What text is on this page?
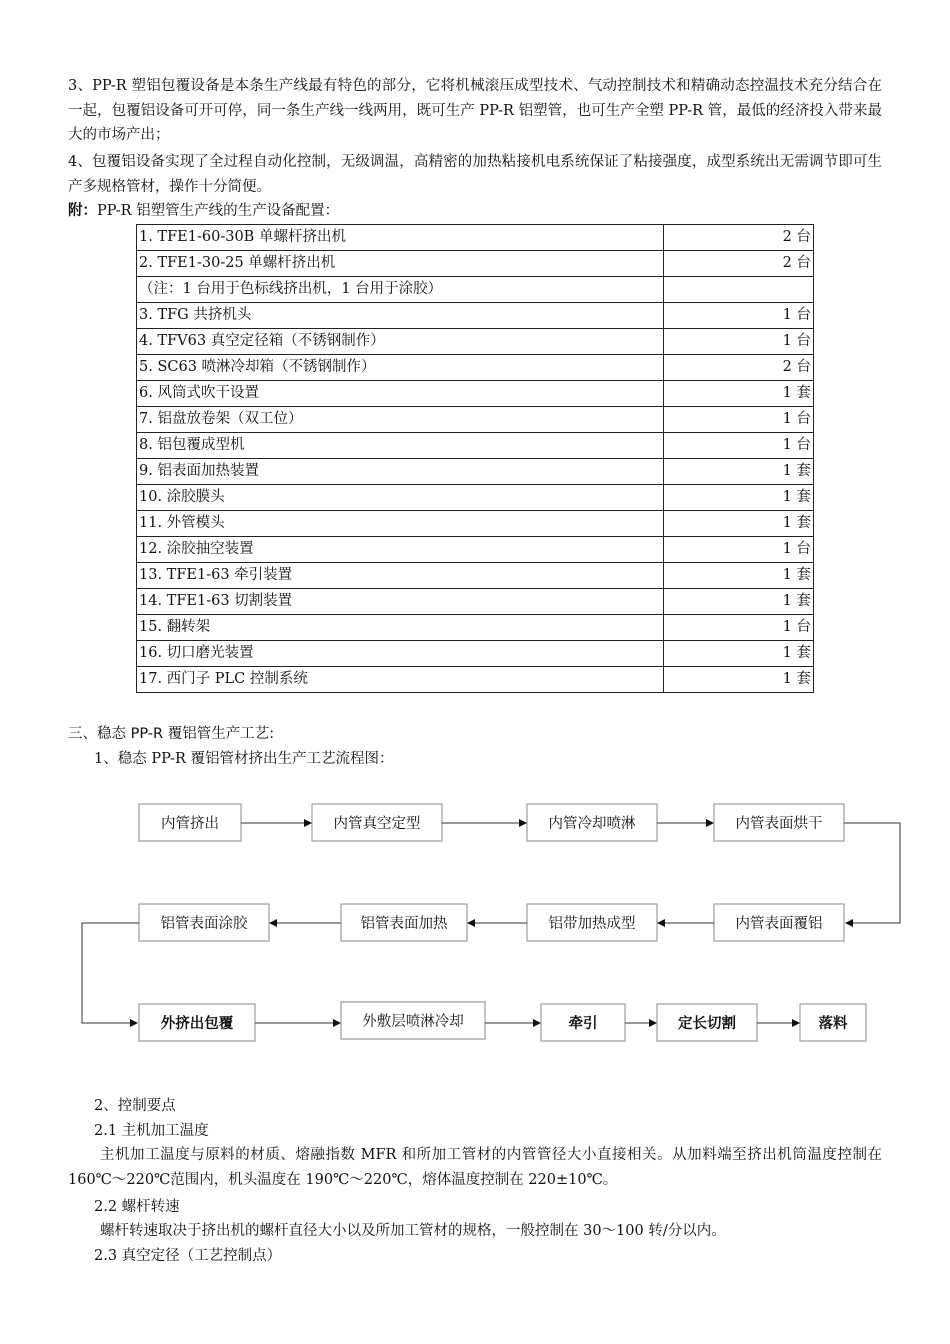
3、PP-R 塑铝包覆设备是本条生产线最有特色的部分，它将机械滚压成型技术、气动控制技术和精确动态控温技术充分结合在一起，包覆铝设备可开可停，同一条生产线一线两用，既可生产 PP-R 铝塑管，也可生产全塑 PP-R 管，最低的经济投入带来最大的市场产出；

4、包覆铝设备实现了全过程自动化控制，无级调温，高精密的加热粘接机电系统保证了粘接强度，成型系统出无需调节即可生产多规格管材，操作十分简便。

附：PP-R 铝塑管生产线的生产设备配置：

1. TFE1-60-30B 单螺杆挤出机	2 台
2. TFE1-30-25 单螺杆挤出机	2 台
（注：1 台用于色标线挤出机，1 台用于涂胶）	
3. TFG 共挤机头	1 台
4. TFV63 真空定径箱（不锈钢制作）	1 台
5. SC63 喷淋冷却箱（不锈钢制作）	2 台
6. 风筒式吹干设置	1 套
7. 铝盘放卷架（双工位）	1 台
8. 铝包覆成型机	1 台
9. 铝表面加热装置	1 套
10. 涂胶膜头	1 套
11. 外管模头	1 套
12. 涂胶抽空装置	1 台
13. TFE1-63 牵引装置	1 套
14. TFE1-63 切割装置	1 套
15. 翻转架	1 台
16. 切口磨光装置	1 套
17. 西门子 PLC 控制系统	1 套

三、稳态 PP-R 覆铝管生产工艺:

1、稳态 PP-R 覆铝管材挤出生产工艺流程图：

内管挤出	内管真空定型	内管冷却喷淋	内管表面烘干
铝管表面涂胶	铝管表面加热	铝带加热成型	内管表面覆铝
外挤出包覆	外敷层喷淋冷却	牵引	定长切割	落料

2、控制要点

2.1 主机加工温度

主机加工温度与原料的材质、熔融指数 MFR 和所加工管材的内管管径大小直接相关。从加料端至挤出机筒温度控制在 160℃～220℃范围内，机头温度在 190℃～220℃，熔体温度控制在 220±10℃。

2.2 螺杆转速

螺杆转速取决于挤出机的螺杆直径大小以及所加工管材的规格，一般控制在 30～100 转/分以内。

2.3 真空定径（工艺控制点）
